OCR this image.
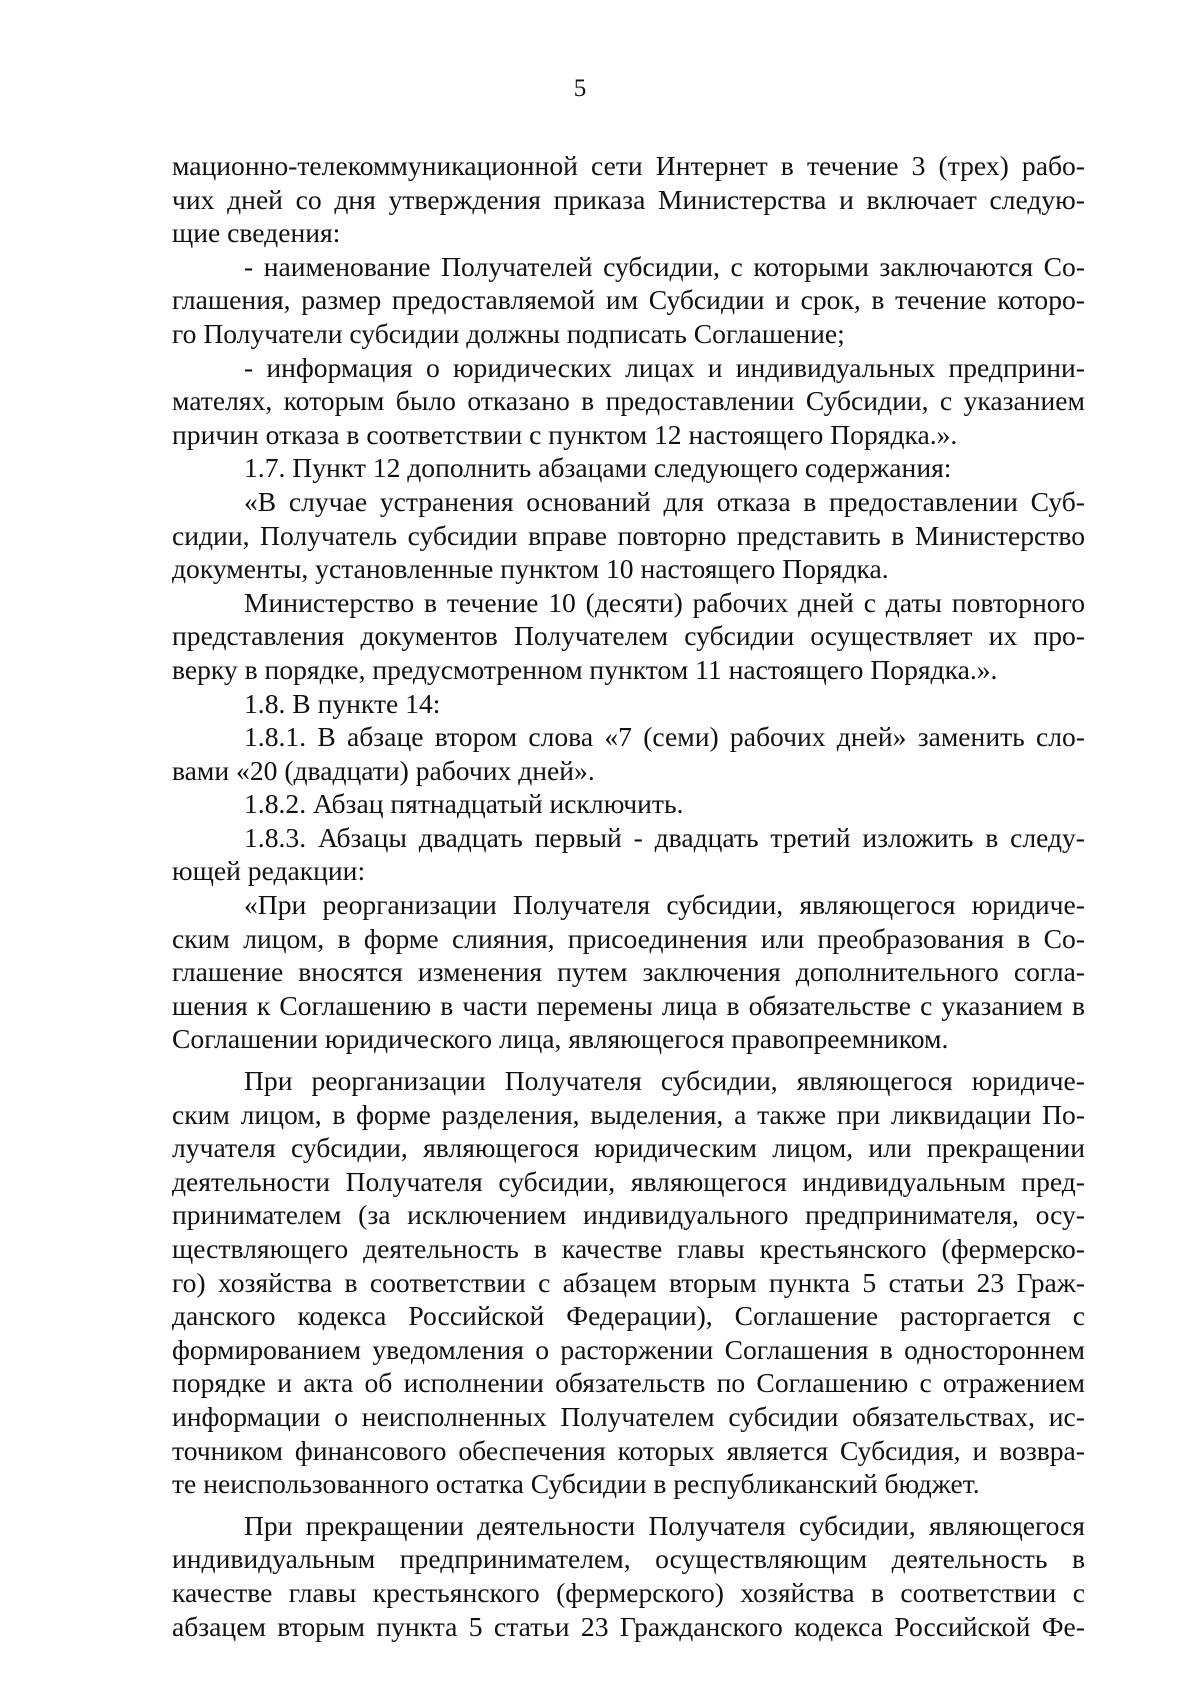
5
мационно-телекоммуникационной сети Интернет в течение 3 (трех) рабо-
чих дней со дня утверждения приказа Министерства и включает следую-
щие сведения:
- наименование Получателей субсидии, с которыми заключаются Со-
глашения, размер предоставляемой им Субсидии и срок, в течение которо-
го Получатели субсидии должны подписать Соглашение;
- информация о юридических лицах и индивидуальных предприни-
мателях, которым было отказано в предоставлении Субсидии, с указанием
причин отказа в соответствии с пунктом 12 настоящего Порядка.».
1.7. Пункт 12 дополнить абзацами следующего содержания:
«В случае устранения оснований для отказа в предоставлении Суб-
сидии, Получатель субсидии вправе повторно представить в Министерство
документы, установленные пунктом 10 настоящего Порядка.
Министерство в течение 10 (десяти) рабочих дней с даты повторного
представления документов Получателем субсидии осуществляет их про-
верку в порядке, предусмотренном пунктом 11 настоящего Порядка.».
1.8. В пункте 14:
1.8.1. В абзаце втором слова «7 (семи) рабочих дней» заменить сло-
вами «20 (двадцати) рабочих дней».
1.8.2. Абзац пятнадцатый исключить.
1.8.3. Абзацы двадцать первый - двадцать третий изложить в следу-
ющей редакции:
«При реорганизации Получателя субсидии, являющегося юридиче-
ским лицом, в форме слияния, присоединения или преобразования в Со-
глашение вносятся изменения путем заключения дополнительного согла-
шения к Соглашению в части перемены лица в обязательстве с указанием в
Соглашении юридического лица, являющегося правопреемником.
При реорганизации Получателя субсидии, являющегося юридиче-
ским лицом, в форме разделения, выделения, а также при ликвидации По-
лучателя субсидии, являющегося юридическим лицом, или прекращении
деятельности Получателя субсидии, являющегося индивидуальным пред-
принимателем (за исключением индивидуального предпринимателя, осу-
ществляющего деятельность в качестве главы крестьянского (фермерско-
го) хозяйства в соответствии с абзацем вторым пункта 5 статьи 23 Граж-
данского кодекса Российской Федерации), Соглашение расторгается с
формированием уведомления о расторжении Соглашения в одностороннем
порядке и акта об исполнении обязательств по Соглашению с отражением
информации о неисполненных Получателем субсидии обязательствах, ис-
точником финансового обеспечения которых является Субсидия, и возвра-
те неиспользованного остатка Субсидии в республиканский бюджет.
При прекращении деятельности Получателя субсидии, являющегося
индивидуальным предпринимателем, осуществляющим деятельность в
качестве главы крестьянского (фермерского) хозяйства в соответствии с
абзацем вторым пункта 5 статьи 23 Гражданского кодекса Российской Фе-
